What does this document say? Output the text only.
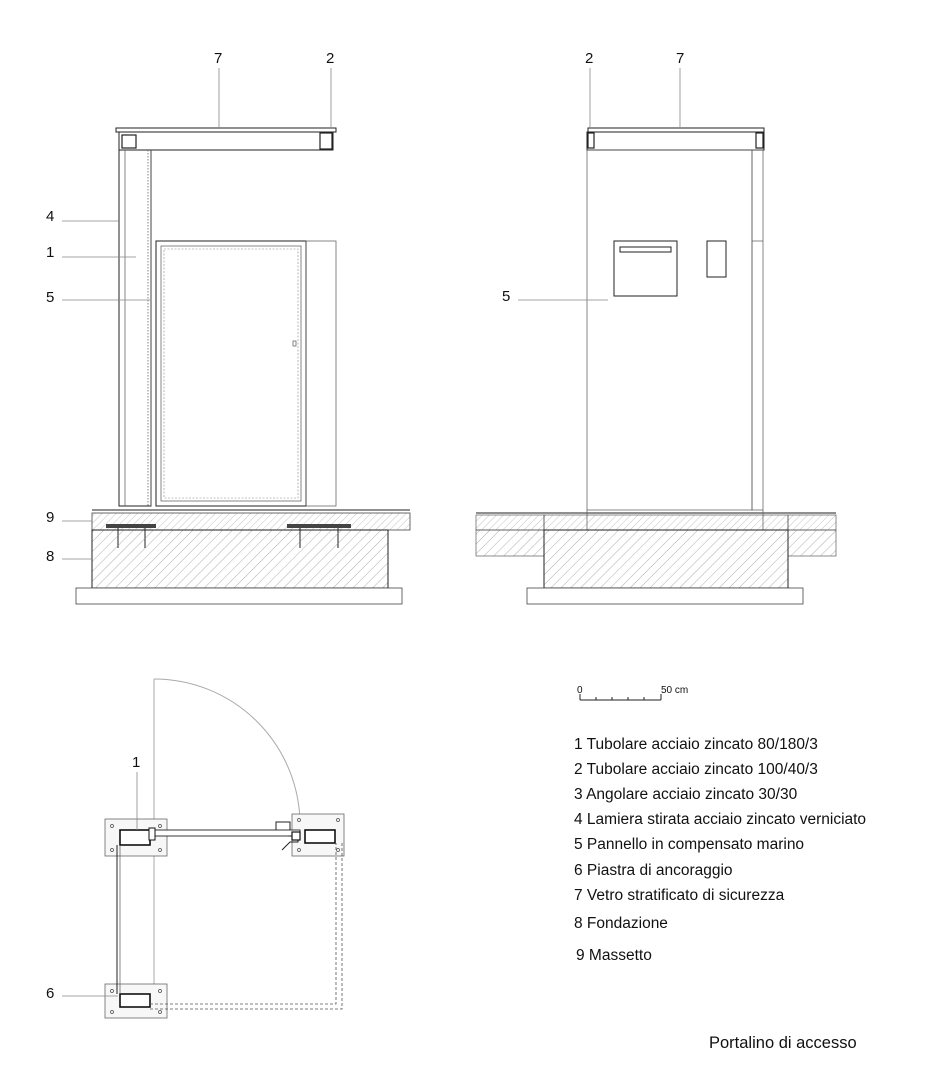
7	2
4
1
5
9
8
2	7
5
1
6
0	50 cm
1 Tubolare acciaio zincato 80/180/3
2 Tubolare acciaio zincato 100/40/3
3 Angolare acciaio zincato 30/30
4 Lamiera stirata acciaio zincato verniciato
5 Pannello in compensato marino
6 Piastra di ancoraggio
7 Vetro stratificato di sicurezza
8 Fondazione
9 Massetto
Portalino di accesso
